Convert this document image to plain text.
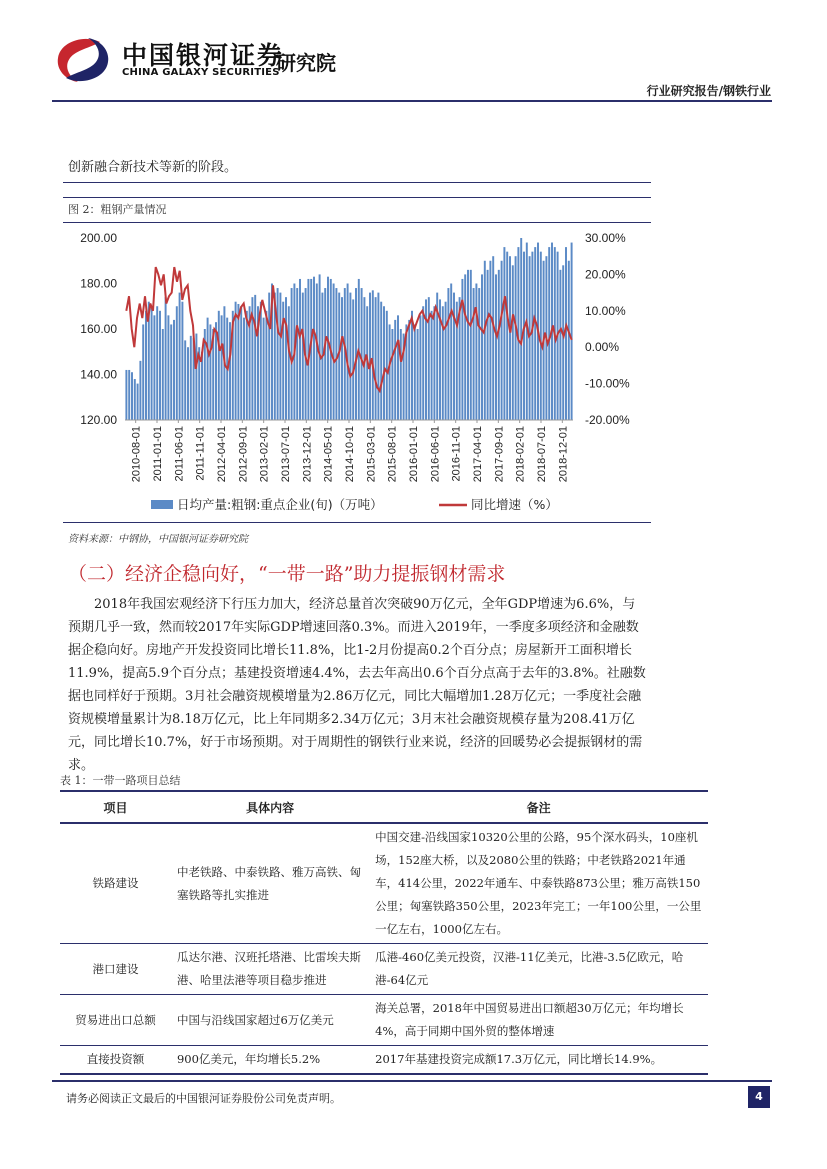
中国银河证券
CHINA GALAXY SECURITIES
研究院
行业研究报告/钢铁行业
创新融合新技术等新的阶段。
图 2：粗钢产量情况
120.00
140.00
160.00
180.00
200.00
-20.00%
-10.00%
0.00%
10.00%
20.00%
30.00%
2010-08-01 2011-01-01 2011-06-01 2011-11-01 2012-04-01 2012-09-01 2013-02-01 2013-07-01 2013-12-01 2014-05-01 2014-10-01 2015-03-01 2015-08-01 2016-01-01 2016-06-01 2016-11-01 2017-04-01 2017-09-01 2018-02-01 2018-07-01 2018-12-01
日均产量:粗钢:重点企业(旬)（万吨）	同比增速（%）
资料来源：中钢协，中国银河证券研究院
（二）经济企稳向好，“一带一路”助力提振钢材需求
2018年我国宏观经济下行压力加大，经济总量首次突破90万亿元，全年GDP增速为6.6%，与预期几乎一致，然而较2017年实际GDP增速回落0.3%。而进入2019年，一季度多项经济和金融数据企稳向好。房地产开发投资同比增长11.8%，比1-2月份提高0.2个百分点；房屋新开工面积增长11.9%，提高5.9个百分点；基建投资增速4.4%，去去年高出0.6个百分点高于去年的3.8%。社融数据也同样好于预期。3月社会融资规模增量为2.86万亿元，同比大幅增加1.28万亿元；一季度社会融资规模增量累计为8.18万亿元，比上年同期多2.34万亿元；3月末社会融资规模存量为208.41万亿元，同比增长10.7%，好于市场预期。对于周期性的钢铁行业来说，经济的回暖势必会提振钢材的需求。
表 1：一带一路项目总结
项目	具体内容	备注
铁路建设	中老铁路、中泰铁路、雅万高铁、匈塞铁路等扎实推进	中国交建-沿线国家10320公里的公路，95个深水码头，10座机场，152座大桥，以及2080公里的铁路；中老铁路2021年通车，414公里，2022年通车、中泰铁路873公里；雅万高铁150公里；匈塞铁路350公里，2023年完工；一年100公里，一公里一亿左右，1000亿左右。
港口建设	瓜达尔港、汉班托塔港、比雷埃夫斯港、哈里法港等项目稳步推进	瓜港-460亿美元投资，汉港-11亿美元，比港-3.5亿欧元，哈港-64亿元
贸易进出口总额	中国与沿线国家超过6万亿美元	海关总署，2018年中国贸易进出口额超30万亿元；年均增长4%，高于同期中国外贸的整体增速
直接投资额	900亿美元，年均增长5.2%	2017年基建投资完成额17.3万亿元，同比增长14.9%。
请务必阅读正文最后的中国银河证券股份公司免责声明。	4
